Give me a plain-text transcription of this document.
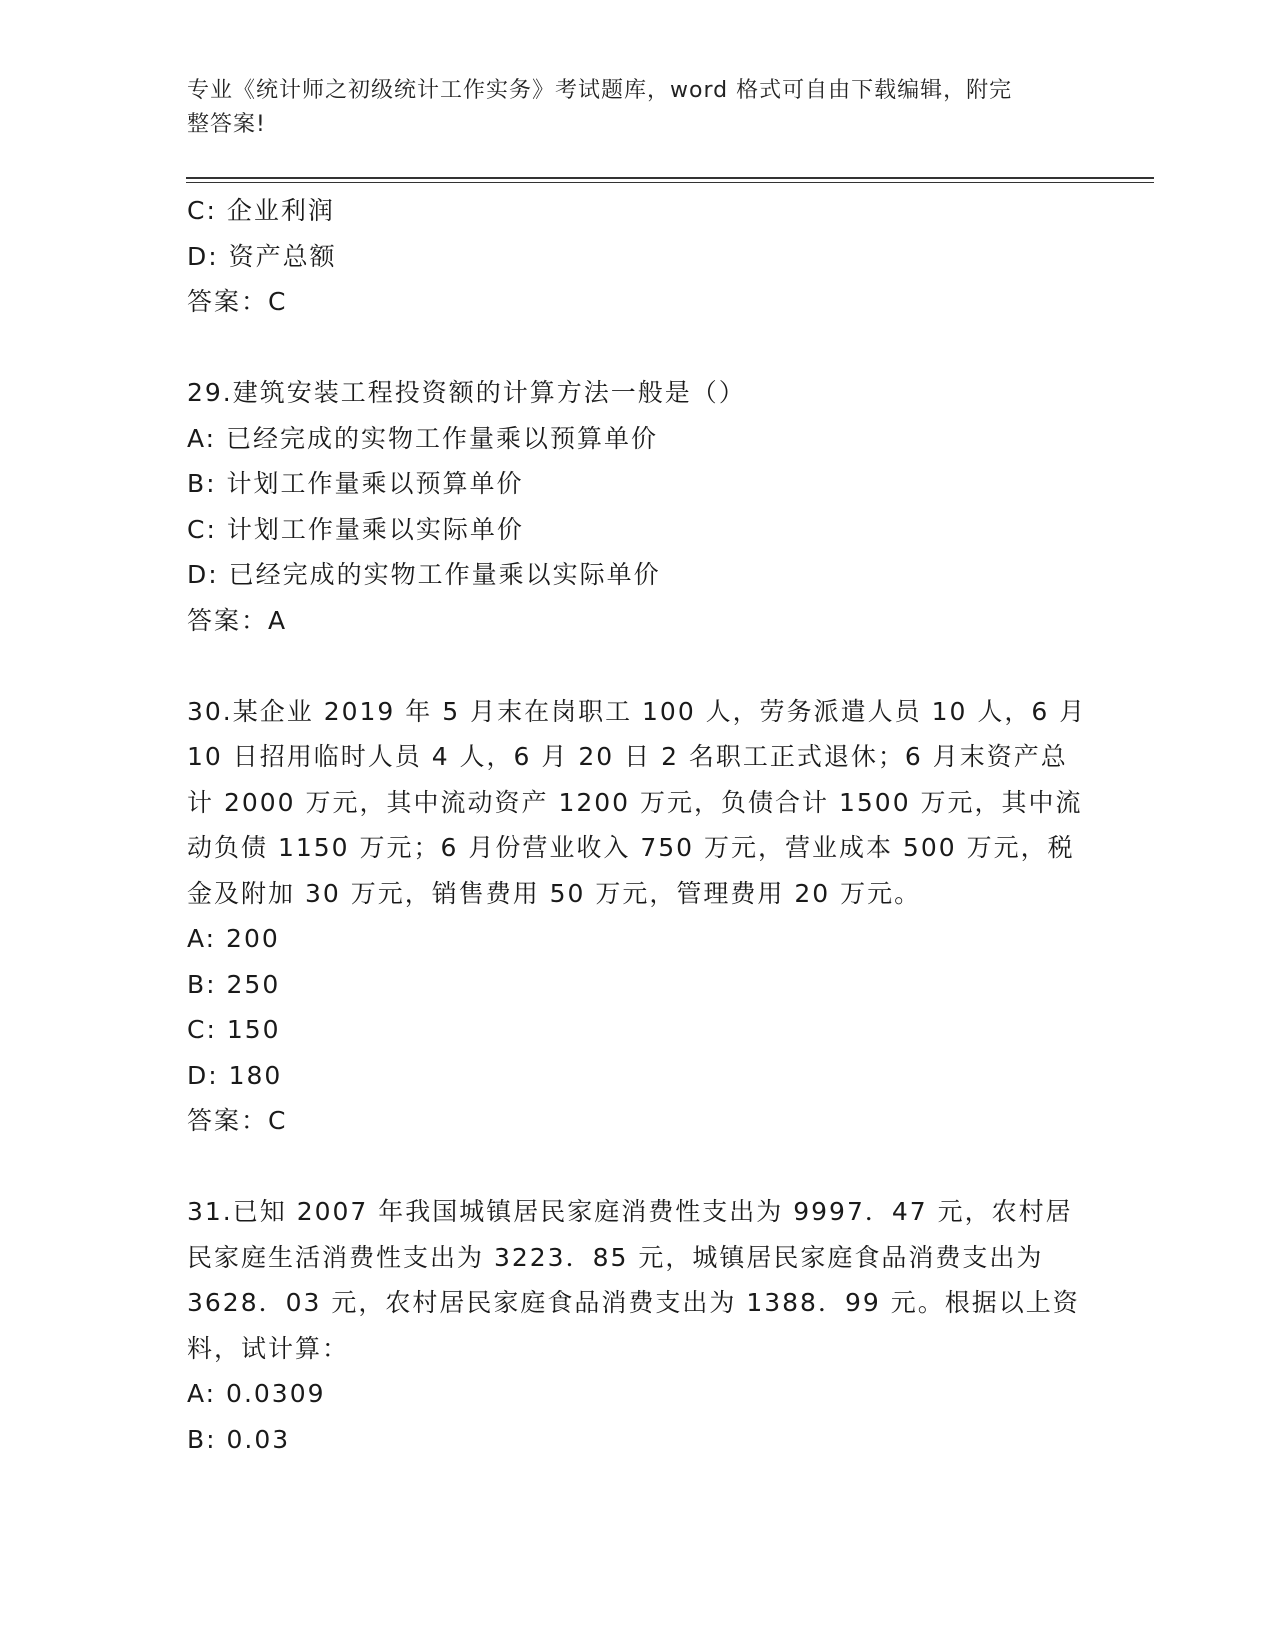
专业《统计师之初级统计工作实务》考试题库，word 格式可自由下载编辑，附完
整答案!
C: 企业利润
D: 资产总额
答案：C
29.建筑安装工程投资额的计算方法一般是（）
A: 已经完成的实物工作量乘以预算单价
B: 计划工作量乘以预算单价
C: 计划工作量乘以实际单价
D: 已经完成的实物工作量乘以实际单价
答案：A
30.某企业 2019 年 5 月末在岗职工 100 人，劳务派遣人员 10 人，6 月
10 日招用临时人员 4 人，6 月 20 日 2 名职工正式退休；6 月末资产总
计 2000 万元，其中流动资产 1200 万元，负债合计 1500 万元，其中流
动负债 1150 万元；6 月份营业收入 750 万元，营业成本 500 万元，税
金及附加 30 万元，销售费用 50 万元，管理费用 20 万元。
A: 200
B: 250
C: 150
D: 180
答案：C
31.已知 2007 年我国城镇居民家庭消费性支出为 9997．47 元，农村居
民家庭生活消费性支出为 3223．85 元，城镇居民家庭食品消费支出为
3628．03 元，农村居民家庭食品消费支出为 1388．99 元。根据以上资
料，试计算：
A: 0.0309
B: 0.03
